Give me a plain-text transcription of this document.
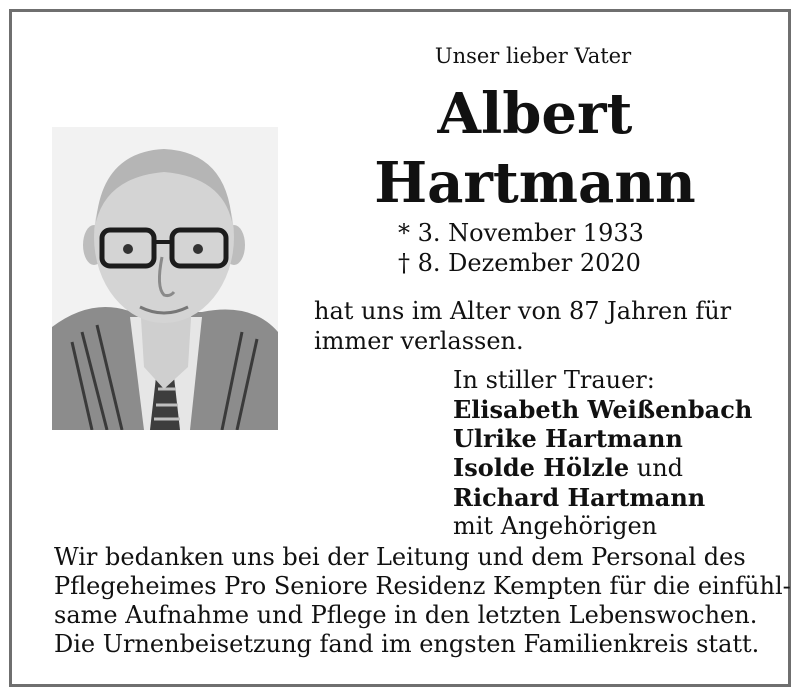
Unser lieber Vater
Albert
Hartmann
* 3. November 1933
† 8. Dezember 2020
hat uns im Alter von 87 Jahren für
immer verlassen.
In stiller Trauer:
Elisabeth Weißenbach
Ulrike Hartmann
Isolde Hölzle und
Richard Hartmann
mit Angehörigen
Wir bedanken uns bei der Leitung und dem Personal des
Pflegeheimes Pro Seniore Residenz Kempten für die einfühl-
same Aufnahme und Pflege in den letzten Lebenswochen.
Die Urnenbeisetzung fand im engsten Familienkreis statt.
